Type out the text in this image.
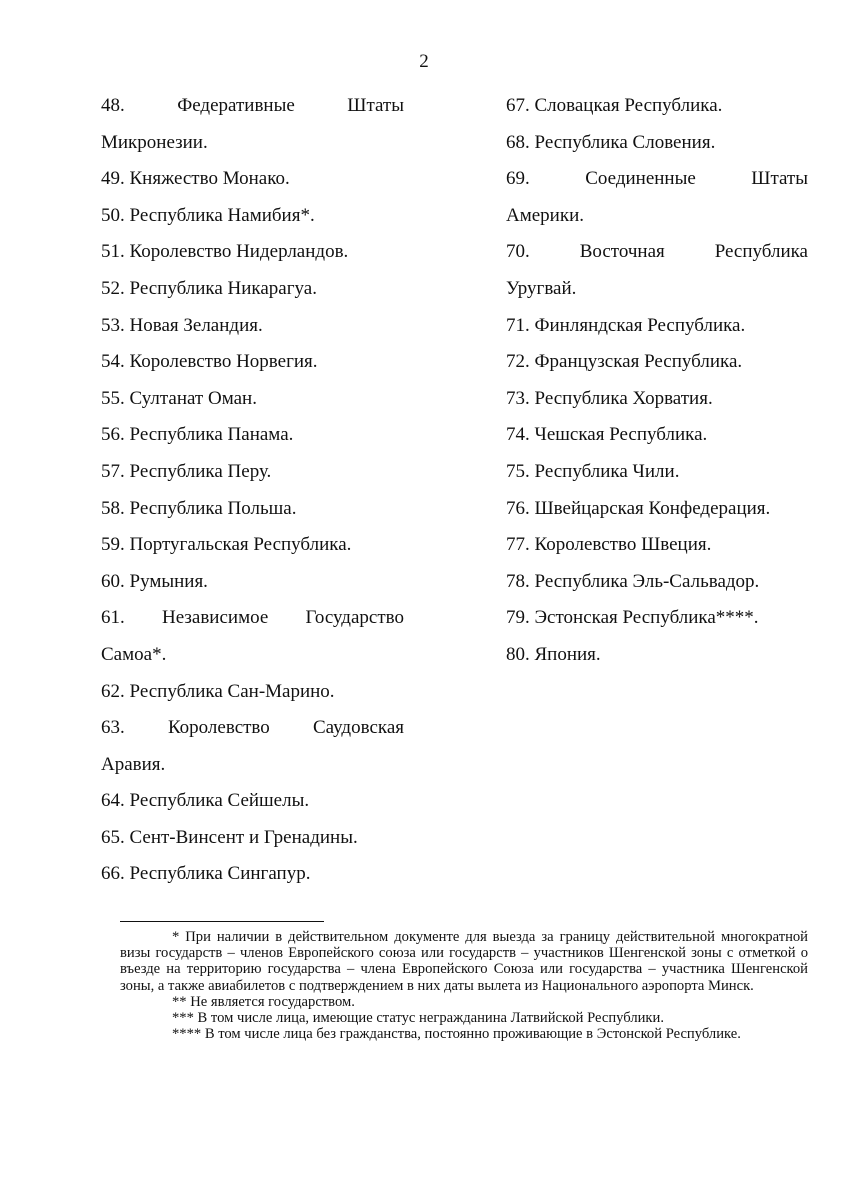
2
48. Федеративные Штаты
Микронезии.
49. Княжество Монако.
50. Республика Намибия*.
51. Королевство Нидерландов.
52. Республика Никарагуа.
53. Новая Зеландия.
54. Королевство Норвегия.
55. Султанат Оман.
56. Республика Панама.
57. Республика Перу.
58. Республика Польша.
59. Португальская Республика.
60. Румыния.
61. Независимое Государство
Самоа*.
62. Республика Сан-Марино.
63. Королевство Саудовская
Аравия.
64. Республика Сейшелы.
65. Сент-Винсент и Гренадины.
66. Республика Сингапур.
67. Словацкая Республика.
68. Республика Словения.
69. Соединенные Штаты
Америки.
70. Восточная Республика
Уругвай.
71. Финляндская Республика.
72. Французская Республика.
73. Республика Хорватия.
74. Чешская Республика.
75. Республика Чили.
76. Швейцарская Конфедерация.
77. Королевство Швеция.
78. Республика Эль-Сальвадор.
79. Эстонская Республика****.
80. Япония.

* При наличии в действительном документе для выезда за границу действительной многократной визы государств – членов Европейского союза или государств – участников Шенгенской зоны с отметкой о въезде на территорию государства – члена Европейского Союза или государства – участника Шенгенской зоны, а также авиабилетов с подтверждением в них даты вылета из Национального аэропорта Минск.

** Не является государством.

*** В том числе лица, имеющие статус негражданина Латвийской Республики.

**** В том числе лица без гражданства, постоянно проживающие в Эстонской Республике.
